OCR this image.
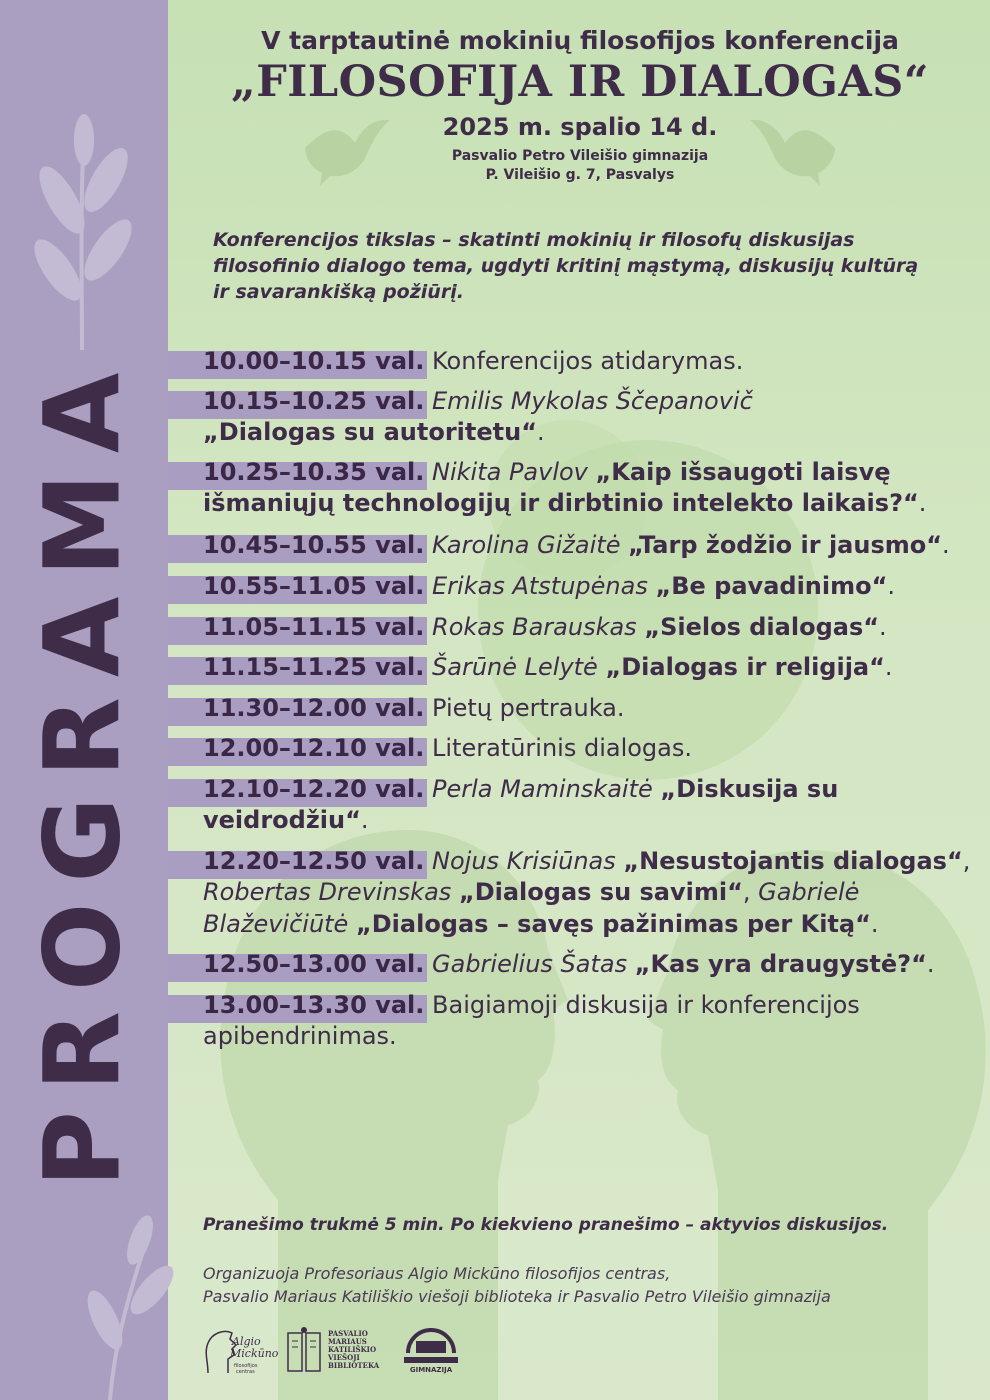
PROGRAMA
V tarptautinė mokinių filosofijos konferencija
„FILOSOFIJA IR DIALOGAS“
2025 m. spalio 14 d.
Pasvalio Petro Vileišio gimnazija
P. Vileišio g. 7, Pasvalys
Konferencijos tikslas – skatinti mokinių ir filosofų diskusijas
filosofinio dialogo tema, ugdyti kritinį mąstymą, diskusijų kultūrą
ir savarankišką požiūrį.
10.00–10.15 val. Konferencijos atidarymas.
10.15–10.25 val. Emilis Mykolas Ščepanovič
„Dialogas su autoritetu“.
10.25–10.35 val. Nikita Pavlov „Kaip išsaugoti laisvę išmaniųjų technologijų ir dirbtinio intelekto laikais?“.
10.45–10.55 val. Karolina Gižaitė „Tarp žodžio ir jausmo“.
10.55–11.05 val. Erikas Atstupėnas „Be pavadinimo“.
11.05–11.15 val. Rokas Barauskas „Sielos dialogas“.
11.15–11.25 val. Šarūnė Lelytė „Dialogas ir religija“.
11.30–12.00 val. Pietų pertrauka.
12.00–12.10 val. Literatūrinis dialogas.
12.10–12.20 val. Perla Maminskaitė „Diskusija su veidrodžiu“.
12.20–12.50 val. Nojus Krisiūnas „Nesustojantis dialogas“, Robertas Drevinskas „Dialogas su savimi“, Gabrielė Blaževičiūtė „Dialogas – savęs pažinimas per Kitą“.
12.50–13.00 val. Gabrielius Šatas „Kas yra draugystė?“.
13.00–13.30 val. Baigiamoji diskusija ir konferencijos apibendrinimas.
Pranešimo trukmė 5 min. Po kiekvieno pranešimo – aktyvios diskusijos.
Organizuoja Profesoriaus Algio Mickūno filosofijos centras,
Pasvalio Mariaus Katiliškio viešoji biblioteka ir Pasvalio Petro Vileišio gimnazija
Algio
Mickūno
filosofijos
centras
PASVALIO MARIAUS KATILIŠKIO VIEŠOJI BIBLIOTEKA	GIMNAZIJA
